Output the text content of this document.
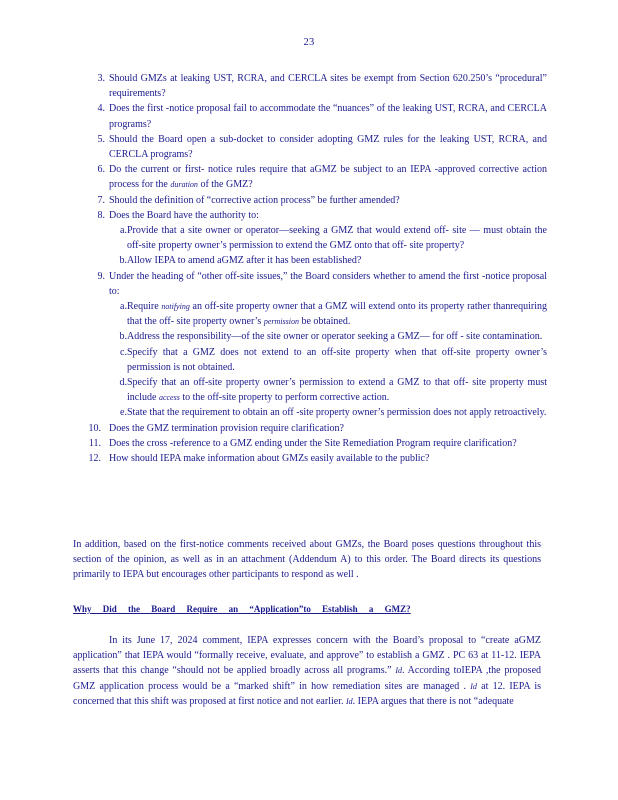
23
3. Should GMZs at leaking UST, RCRA, and CERCLA sites be exempt from Section 620.250’s “procedural” requirements?
4. Does the first -notice proposal fail to accommodate the “nuances” of the leaking UST, RCRA, and CERCLA programs?
5. Should the Board open a sub-docket to consider adopting GMZ rules for the leaking UST, RCRA, and CERCLA programs?
6. Do the current or first- notice rules require that aGMZ be subject to an IEPA -approved corrective action process for the duration of the GMZ?
7. Should the definition of “corrective action process” be further amended?
8. Does the Board have the authority to:
a. Provide that a site owner or operator—seeking a GMZ that would extend off- site — must obtain the off-site property owner’s permission to extend the GMZ onto that off- site property?
b. Allow IEPA to amend aGMZ after it has been established?
9. Under the heading of “other off-site issues,” the Board considers whether to amend the first -notice proposal to:
a. Require notifying an off-site property owner that a GMZ will extend onto its property rather thanrequiring that the off- site property owner’s permission be obtained.
b. Address the responsibility—of the site owner or operator seeking a GMZ— for off - site contamination.
c. Specify that a GMZ does not extend to an off-site property when that off-site property owner’s permission is not obtained.
d. Specify that an off-site property owner’s permission to extend a GMZ to that off- site property must include access to the off-site property to perform corrective action.
e. State that the requirement to obtain an off -site property owner’s permission does not apply retroactively.
10. Does the GMZ termination provision require clarification?
11. Does the cross -reference to a GMZ ending under the Site Remediation Program require clarification?
12. How should IEPA make information about GMZs easily available to the public?
In addition, based on the first-notice comments received about GMZs, the Board poses questions throughout this section of the opinion, as well as in an attachment (Addendum A) to this order. The Board directs its questions primarily to IEPA but encourages other participants to respond as well .
Why Did the Board Require an “Application”to Establish a GMZ?
In its June 17, 2024 comment, IEPA expresses concern with the Board’s proposal to “create aGMZ application” that IEPA would “formally receive, evaluate, and approve” to establish a GMZ . PC 63 at 11-12. IEPA asserts that this change “should not be applied broadly across all programs.” Id. According toIEPA ,the proposed GMZ application process would be a “marked shift” in how remediation sites are managed . Id at 12. IEPA is concerned that this shift was proposed at first notice and not earlier. Id. IEPA argues that there is not “adequate
